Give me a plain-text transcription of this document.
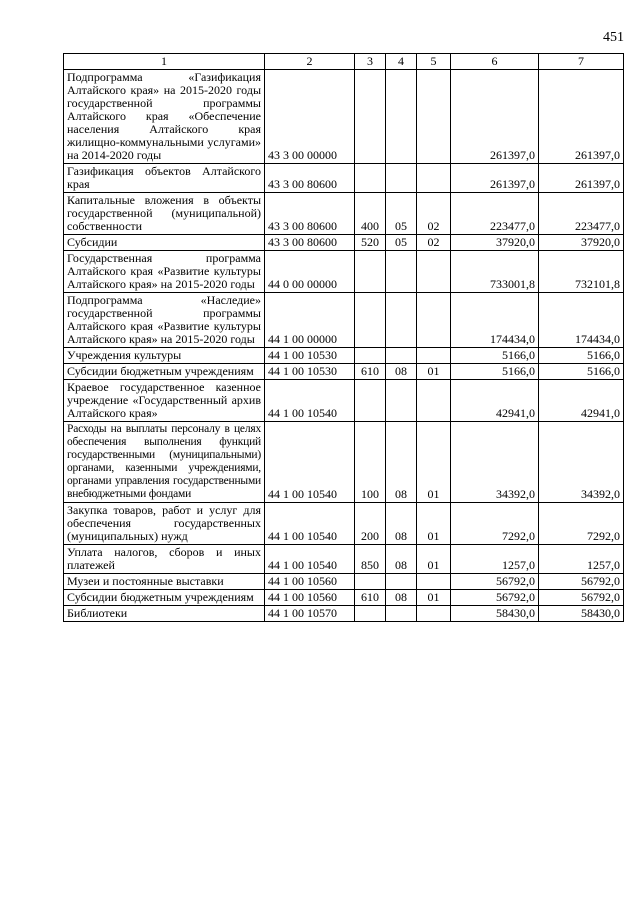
451
1	2	3	4	5	6	7
Подпрограмма «Газификация Алтайского края» на 2015-2020 годы государственной программы Алтайского края «Обеспечение населения Алтайского края жилищно-коммунальными услугами» на 2014-2020 годы	43 3 00 00000				261397,0	261397,0
Газификация объектов Алтайского края	43 3 00 80600				261397,0	261397,0
Капитальные вложения в объекты государственной (муниципальной) собственности	43 3 00 80600	400	05	02	223477,0	223477,0
Субсидии	43 3 00 80600	520	05	02	37920,0	37920,0
Государственная программа Алтайского края «Развитие культуры Алтайского края» на 2015-2020 годы	44 0 00 00000				733001,8	732101,8
Подпрограмма «Наследие» государственной программы Алтайского края «Развитие культуры Алтайского края» на 2015-2020 годы	44 1 00 00000				174434,0	174434,0
Учреждения культуры	44 1 00 10530				5166,0	5166,0
Субсидии бюджетным учреждениям	44 1 00 10530	610	08	01	5166,0	5166,0
Краевое государственное казенное учреждение «Государственный архив Алтайского края»	44 1 00 10540				42941,0	42941,0
Расходы на выплаты персоналу в целях обеспечения выполнения функций государственными (муниципальными) органами, казенными учреждениями, органами управления государственными внебюджетными фондами	44 1 00 10540	100	08	01	34392,0	34392,0
Закупка товаров, работ и услуг для обеспечения государственных (муниципальных) нужд	44 1 00 10540	200	08	01	7292,0	7292,0
Уплата налогов, сборов и иных платежей	44 1 00 10540	850	08	01	1257,0	1257,0
Музеи и постоянные выставки	44 1 00 10560				56792,0	56792,0
Субсидии бюджетным учреждениям	44 1 00 10560	610	08	01	56792,0	56792,0
Библиотеки	44 1 00 10570				58430,0	58430,0
